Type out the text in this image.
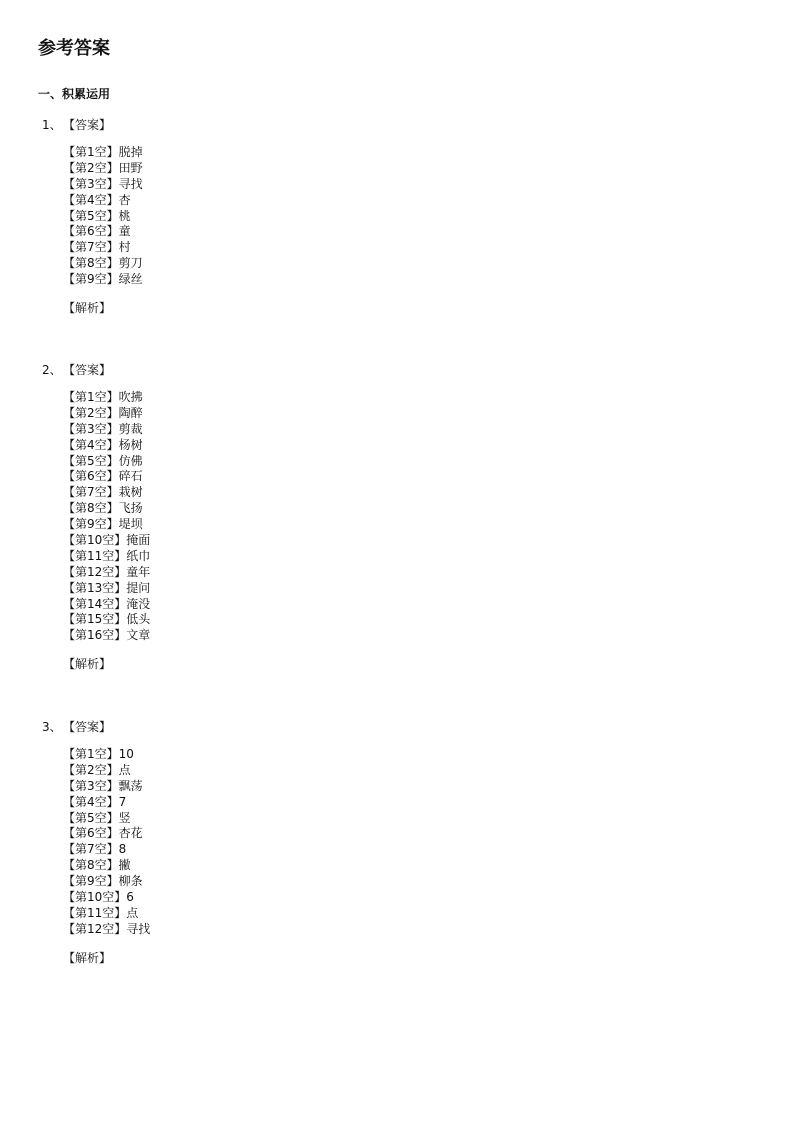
参考答案
一、积累运用
1、【答案】
【第1空】脱掉
【第2空】田野
【第3空】寻找
【第4空】杏
【第5空】桃
【第6空】童
【第7空】村
【第8空】剪刀
【第9空】绿丝
【解析】
2、【答案】
【第1空】吹拂
【第2空】陶醉
【第3空】剪裁
【第4空】杨树
【第5空】仿佛
【第6空】碎石
【第7空】栽树
【第8空】飞扬
【第9空】堤坝
【第10空】掩面
【第11空】纸巾
【第12空】童年
【第13空】提问
【第14空】淹没
【第15空】低头
【第16空】文章
【解析】
3、【答案】
【第1空】10
【第2空】点
【第3空】飘荡
【第4空】7
【第5空】竖
【第6空】杏花
【第7空】8
【第8空】撇
【第9空】柳条
【第10空】6
【第11空】点
【第12空】寻找
【解析】
